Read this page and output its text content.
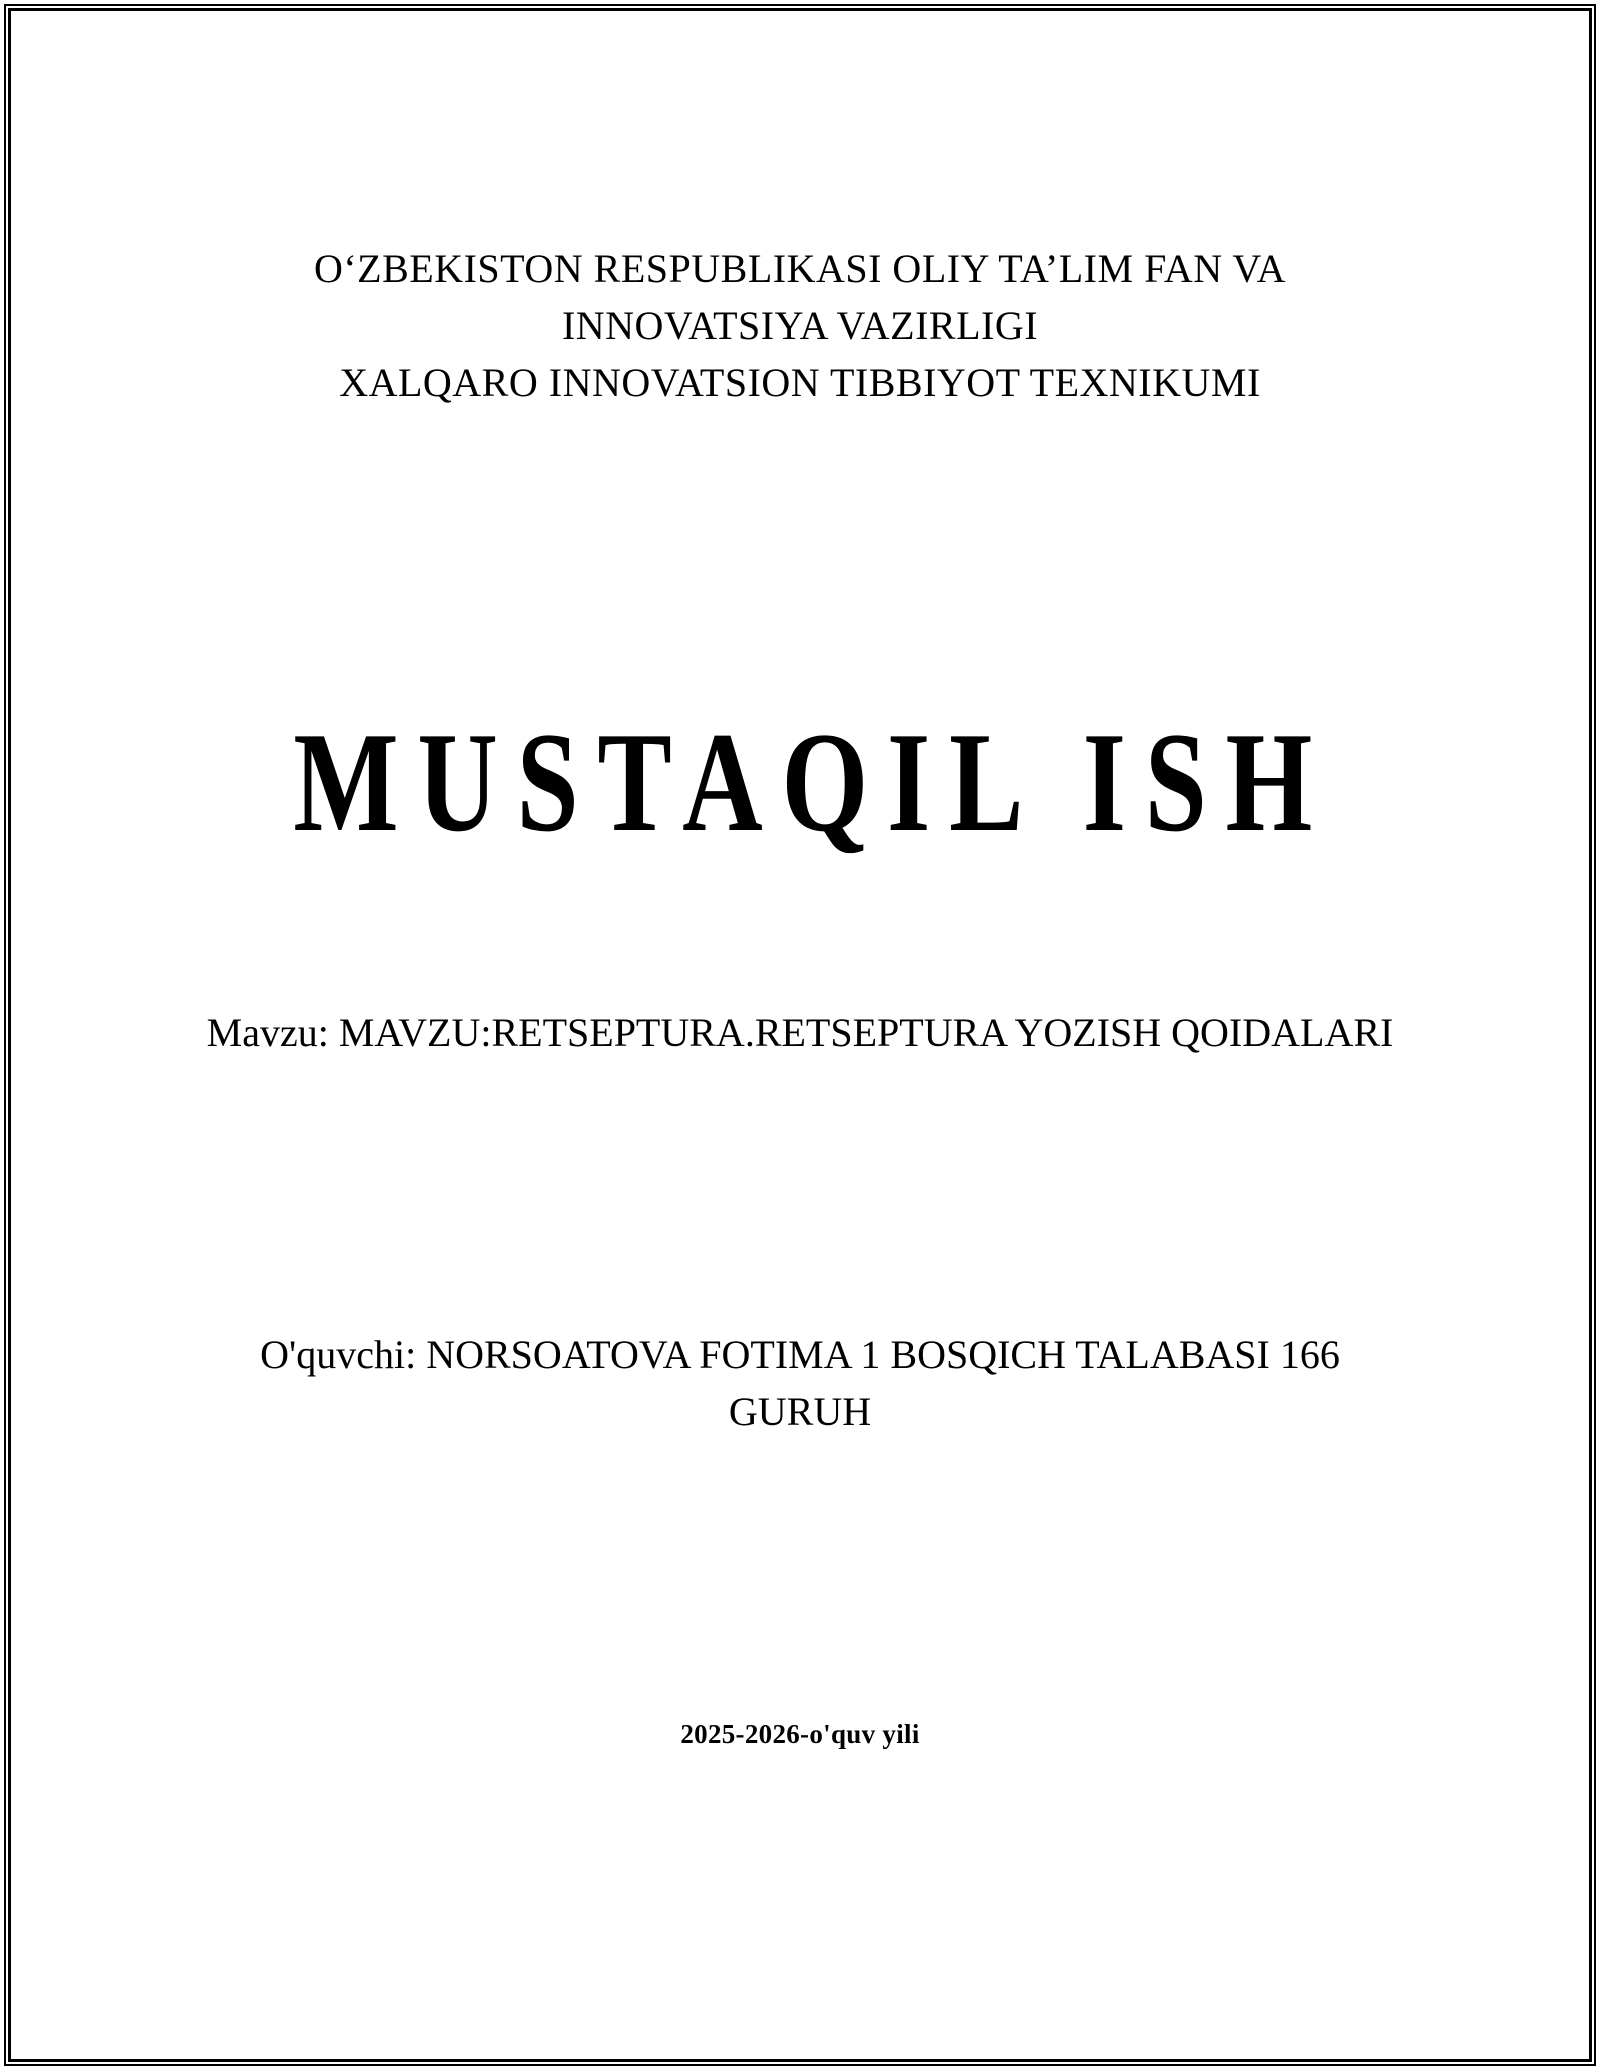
O‘ZBEKISTON RESPUBLIKASI OLIY TA’LIM FAN VA
INNOVATSIYA VAZIRLIGI
XALQARO INNOVATSION TIBBIYOT TEXNIKUMI
MUSTAQIL ISH
Mavzu: MAVZU:RETSEPTURA.RETSEPTURA YOZISH QOIDALARI
O'quvchi: NORSOATOVA FOTIMA 1 BOSQICH TALABASI 166
GURUH
2025-2026-o'quv yili
